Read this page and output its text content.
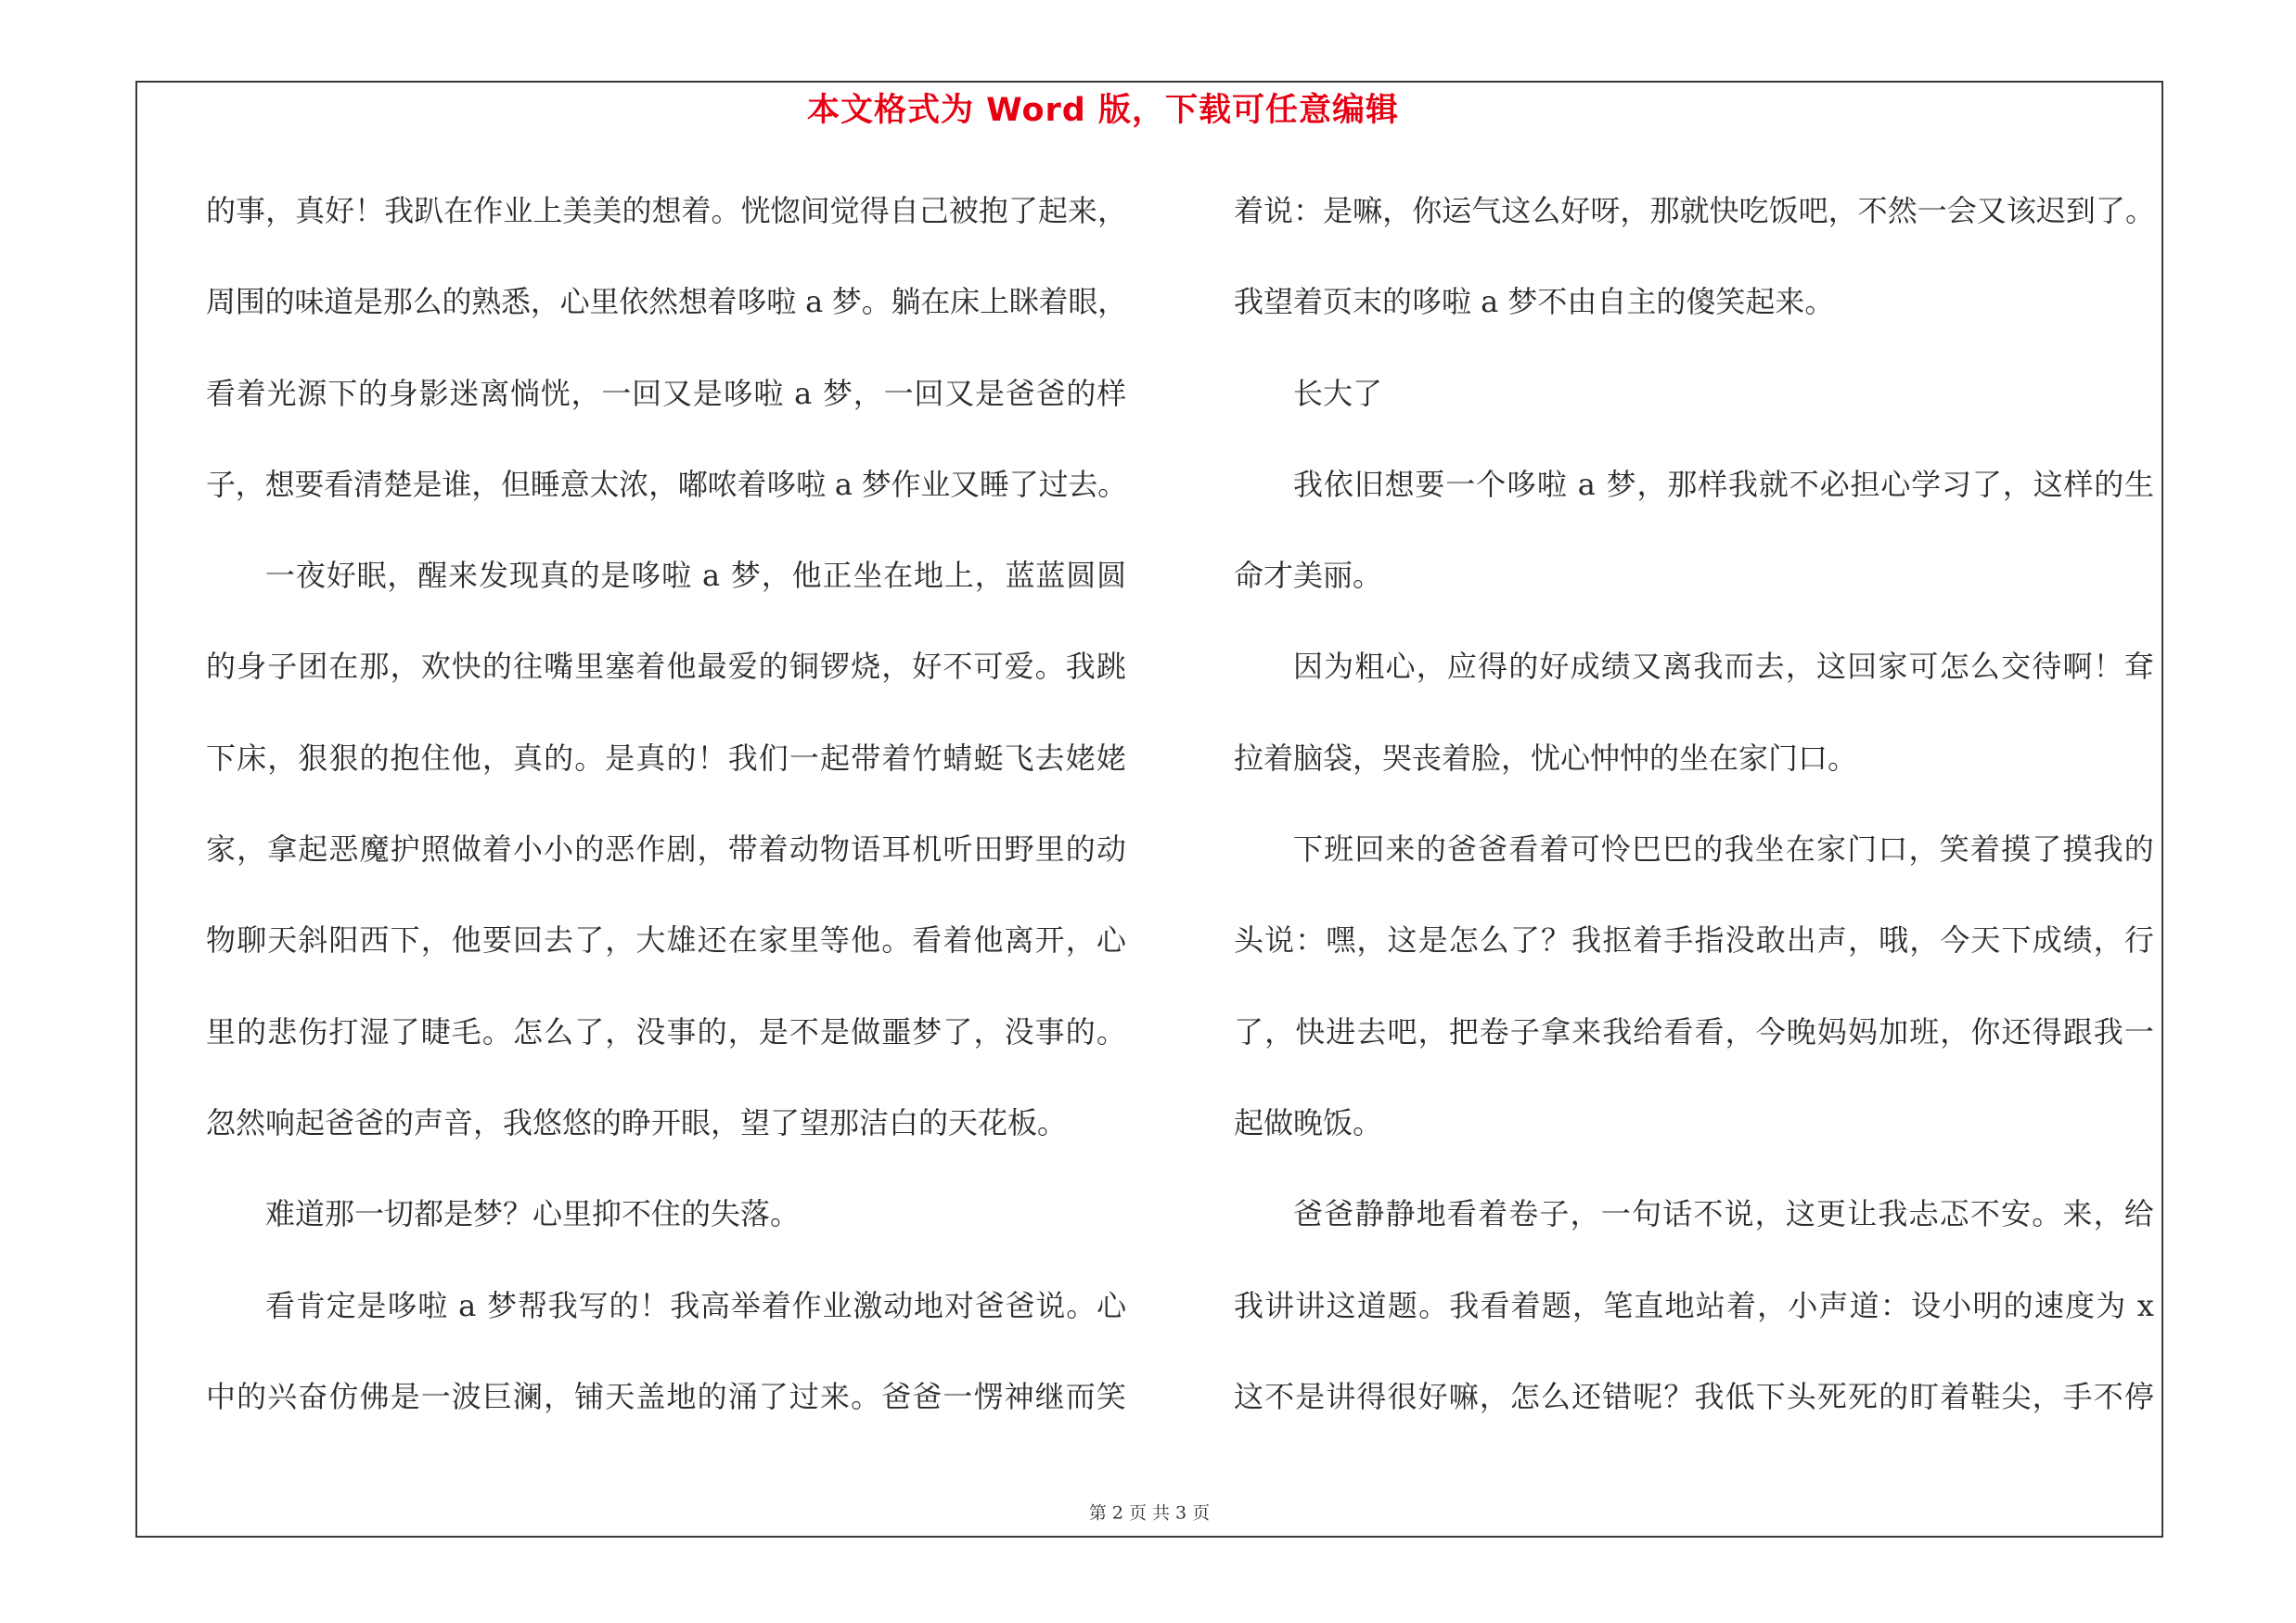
本文格式为 Word 版，下载可任意编辑
的事，真好！我趴在作业上美美的想着。恍惚间觉得自己被抱了起来，
周围的味道是那么的熟悉，心里依然想着哆啦 a 梦。躺在床上眯着眼，
看着光源下的身影迷离惝恍，一回又是哆啦 a 梦，一回又是爸爸的样
子，想要看清楚是谁，但睡意太浓，嘟哝着哆啦 a 梦作业又睡了过去。
一夜好眠，醒来发现真的是哆啦 a 梦，他正坐在地上，蓝蓝圆圆
的身子团在那，欢快的往嘴里塞着他最爱的铜锣烧，好不可爱。我跳
下床，狠狠的抱住他，真的。是真的！我们一起带着竹蜻蜓飞去姥姥
家，拿起恶魔护照做着小小的恶作剧，带着动物语耳机听田野里的动
物聊天斜阳西下，他要回去了，大雄还在家里等他。看着他离开，心
里的悲伤打湿了睫毛。怎么了，没事的，是不是做噩梦了，没事的。
忽然响起爸爸的声音，我悠悠的睁开眼，望了望那洁白的天花板。
难道那一切都是梦？心里抑不住的失落。
看肯定是哆啦 a 梦帮我写的！我高举着作业激动地对爸爸说。心
中的兴奋仿佛是一波巨澜，铺天盖地的涌了过来。爸爸一愣神继而笑
着说：是嘛，你运气这么好呀，那就快吃饭吧，不然一会又该迟到了。
我望着页末的哆啦 a 梦不由自主的傻笑起来。
长大了
我依旧想要一个哆啦 a 梦，那样我就不必担心学习了，这样的生
命才美丽。
因为粗心，应得的好成绩又离我而去，这回家可怎么交待啊！耷
拉着脑袋，哭丧着脸，忧心忡忡的坐在家门口。
下班回来的爸爸看着可怜巴巴的我坐在家门口，笑着摸了摸我的
头说：嘿，这是怎么了？我抠着手指没敢出声，哦，今天下成绩，行
了，快进去吧，把卷子拿来我给看看，今晚妈妈加班，你还得跟我一
起做晚饭。
爸爸静静地看着卷子，一句话不说，这更让我忐忑不安。来，给
我讲讲这道题。我看着题，笔直地站着，小声道：设小明的速度为 x
这不是讲得很好嘛，怎么还错呢？我低下头死死的盯着鞋尖，手不停
第 2 页 共 3 页
